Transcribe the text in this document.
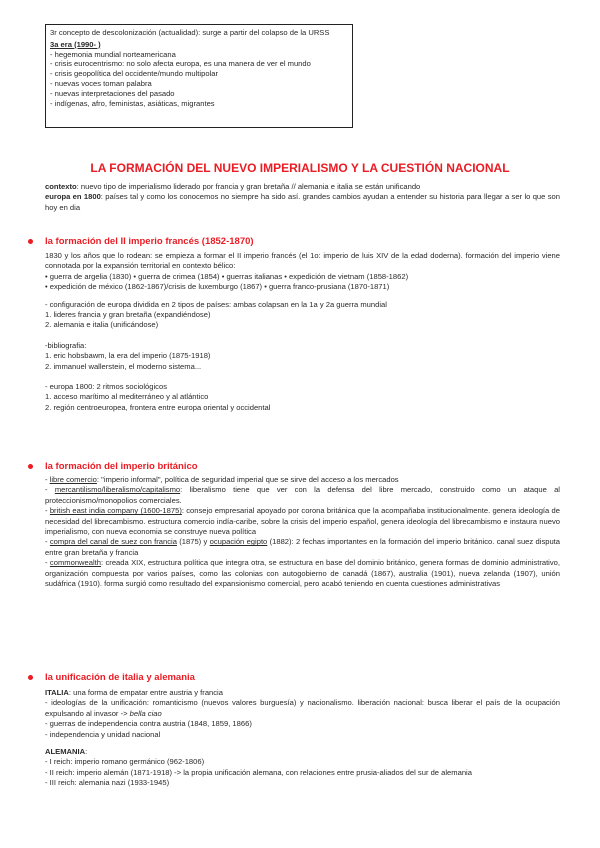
3r concepto de descolonización (actualidad): surge a partir del colapso de la URSS
3a era (1990- )
- hegemonia mundial norteamericana
- crisis eurocentrismo: no solo afecta europa, es una manera de ver el mundo
- crisis geopolítica del occidente/mundo multipolar
- nuevas voces toman palabra
- nuevas interpretaciones del pasado
- indígenas, afro, feministas, asiáticas, migrantes
LA FORMACIÓN DEL NUEVO IMPERIALISMO Y LA CUESTIÓN NACIONAL
contexto: nuevo tipo de imperialismo liderado por francia y gran bretaña // alemania e italia se están unificando
europa en 1800: países tal y como los conocemos no siempre ha sido así. grandes cambios ayudan a entender su historia para llegar a ser lo que son hoy en dia
la formación del II imperio francés (1852-1870)
1830 y los años que lo rodean: se empieza a formar el II imperio francés (el 1o: imperio de luis XIV de la edad doderna). formación del imperio viene connotada por la expansión territorial en contexto bélico:
• guerra de argelia (1830) • guerra de crimea (1854) • guerras italianas • expedición de vietnam (1858-1862)
• expedición de méxico (1862-1867)/crisis de luxemburgo (1867) • guerra franco-prusiana (1870-1871)
- configuración de europa dividida en 2 tipos de países: ambas colapsan en la 1a y 2a guerra mundial
1. lideres francia y gran bretaña (expandiéndose)
2. alemania e italia (unificándose)
-bibliografia:
1. eric hobsbawm, la era del imperio (1875-1918)
2. immanuel wallerstein, el moderno sistema...
- europa 1800: 2 ritmos sociológicos
1. acceso marítimo al mediterráneo y al atlántico
2. región centroeuropea, frontera entre europa oriental y occidental
la formación del imperio británico
- libre comercio: "imperio informal", política de seguridad imperial que se sirve del acceso a los mercados
- mercantilismo/liberalismo/capitalismo: liberalismo tiene que ver con la defensa del libre mercado, construido como un ataque al proteccionismo/monopolios comerciales.
- british east india company (1600-1875): consejo empresarial apoyado por corona británica que la acompañaba institucionalmente. genera ideología de necesidad del librecambismo. estructura comercio indía-caribe, sobre la crisis del imperio español, genera ideología del librecambismo e instaura nuevo imperialismo, con nueva economia se construye nueva política
- compra del canal de suez con francia (1875) y ocupación egipto (1882): 2 fechas importantes en la formación del imperio británico. canal suez disputa entre gran bretaña y francia
- commonwealth: creada XIX, estructura política que integra otra, se estructura en base del dominio británico, genera formas de dominio administrativo, organización compuesta por varios países, como las colonias con autogobierno de canadá (1867), australia (1901), nueva zelanda (1907), unión sudáfrica (1910). forma surgió como resultado del expansionismo comercial, pero acabó teniendo en cuenta cuestiones administrativas
la unificación de italia y alemania
ITALIA: una forma de empatar entre austria y francia
- ideologías de la unificación: romanticismo (nuevos valores burguesía) y nacionalismo. liberación nacional: busca liberar el país de la ocupación expulsando al invasor -> bella ciao
- guerras de independencia contra austria (1848, 1859, 1866)
- independencia y unidad nacional
ALEMANIA:
- I reich: imperio romano germánico (962-1806)
- II reich: imperio alemán (1871-1918) -> la propia unificación alemana, con relaciones entre prusia-aliados del sur de alemania
- III reich: alemania nazi (1933-1945)
